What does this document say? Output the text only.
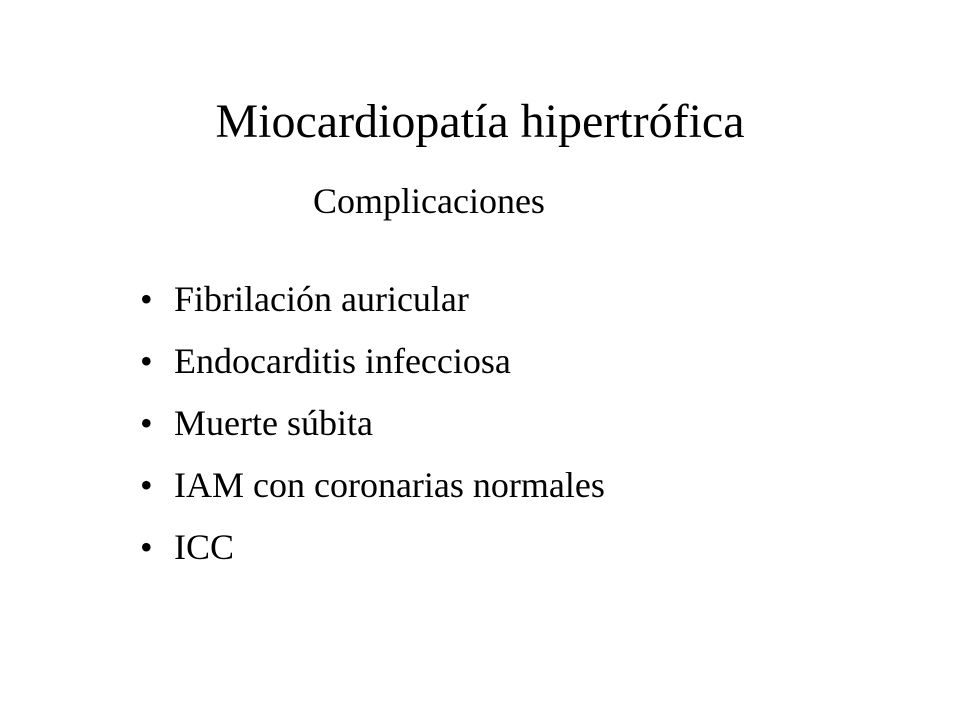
Miocardiopatía hipertrófica
Complicaciones
• Fibrilación auricular
• Endocarditis infecciosa
• Muerte súbita
• IAM con coronarias normales
• ICC
